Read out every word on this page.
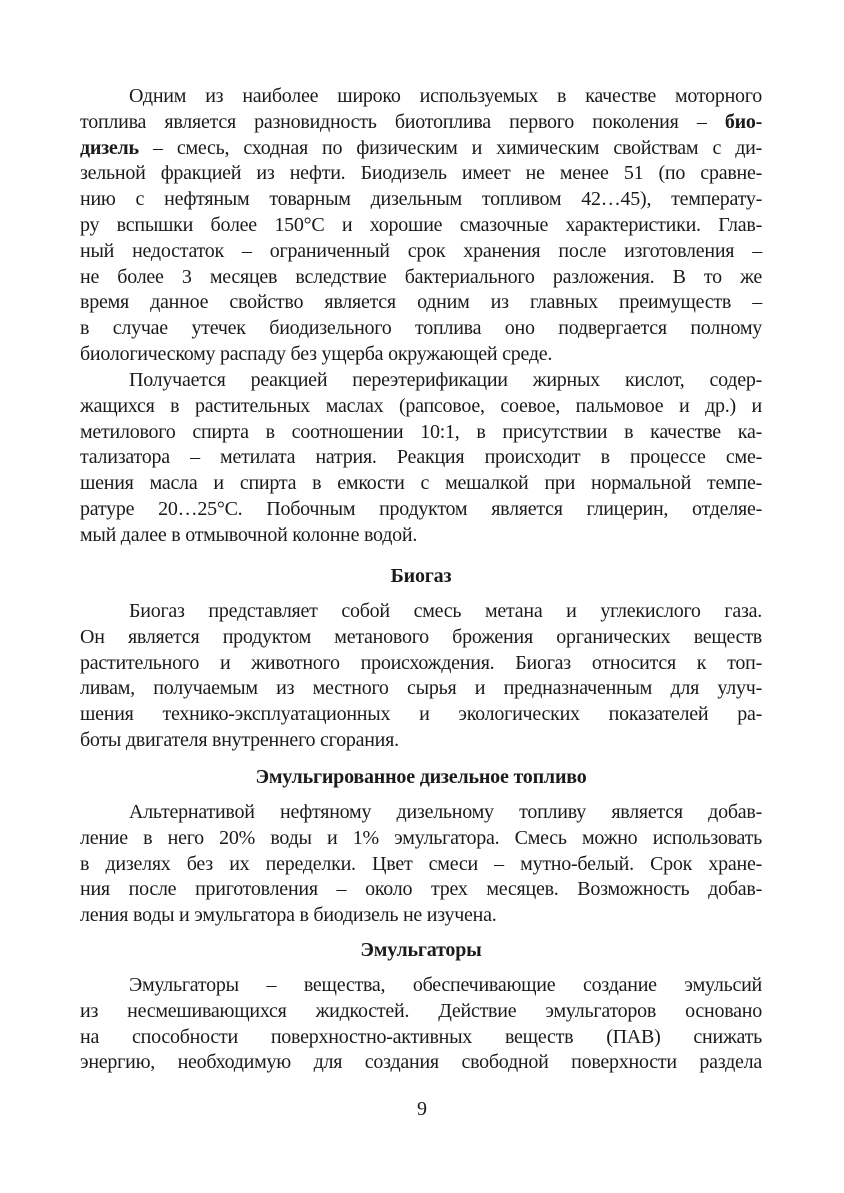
Одним из наиболее широко используемых в качестве моторного
топлива является разновидность биотоплива первого поколения – био-
дизель – смесь, сходная по физическим и химическим свойствам с ди-
зельной фракцией из нефти. Биодизель имеет не менее 51 (по сравне-
нию с нефтяным товарным дизельным топливом 42…45), температу-
ру вспышки более 150°С и хорошие смазочные характеристики. Глав-
ный недостаток – ограниченный срок хранения после изготовления –
не более 3 месяцев вследствие бактериального разложения. В то же
время данное свойство является одним из главных преимуществ –
в случае утечек биодизельного топлива оно подвергается полному
биологическому распаду без ущерба окружающей среде.
Получается реакцией переэтерификации жирных кислот, содер-
жащихся в растительных маслах (рапсовое, соевое, пальмовое и др.) и
метилового спирта в соотношении 10:1, в присутствии в качестве ка-
тализатора – метилата натрия. Реакция происходит в процессе сме-
шения масла и спирта в емкости с мешалкой при нормальной темпе-
ратуре 20…25°С. Побочным продуктом является глицерин, отделяе-
мый далее в отмывочной колонне водой.
Биогаз
Биогаз представляет собой смесь метана и углекислого газа.
Он является продуктом метанового брожения органических веществ
растительного и животного происхождения. Биогаз относится к топ-
ливам, получаемым из местного сырья и предназначенным для улуч-
шения технико-эксплуатационных и экологических показателей ра-
боты двигателя внутреннего сгорания.
Эмульгированное дизельное топливо
Альтернативой нефтяному дизельному топливу является добав-
ление в него 20% воды и 1% эмульгатора. Смесь можно использовать
в дизелях без их переделки. Цвет смеси – мутно-белый. Срок хране-
ния после приготовления – около трех месяцев. Возможность добав-
ления воды и эмульгатора в биодизель не изучена.
Эмульгаторы
Эмульгаторы – вещества, обеспечивающие создание эмульсий
из несмешивающихся жидкостей. Действие эмульгаторов основано
на способности поверхностно-активных веществ (ПАВ) снижать
энергию, необходимую для создания свободной поверхности раздела
9
